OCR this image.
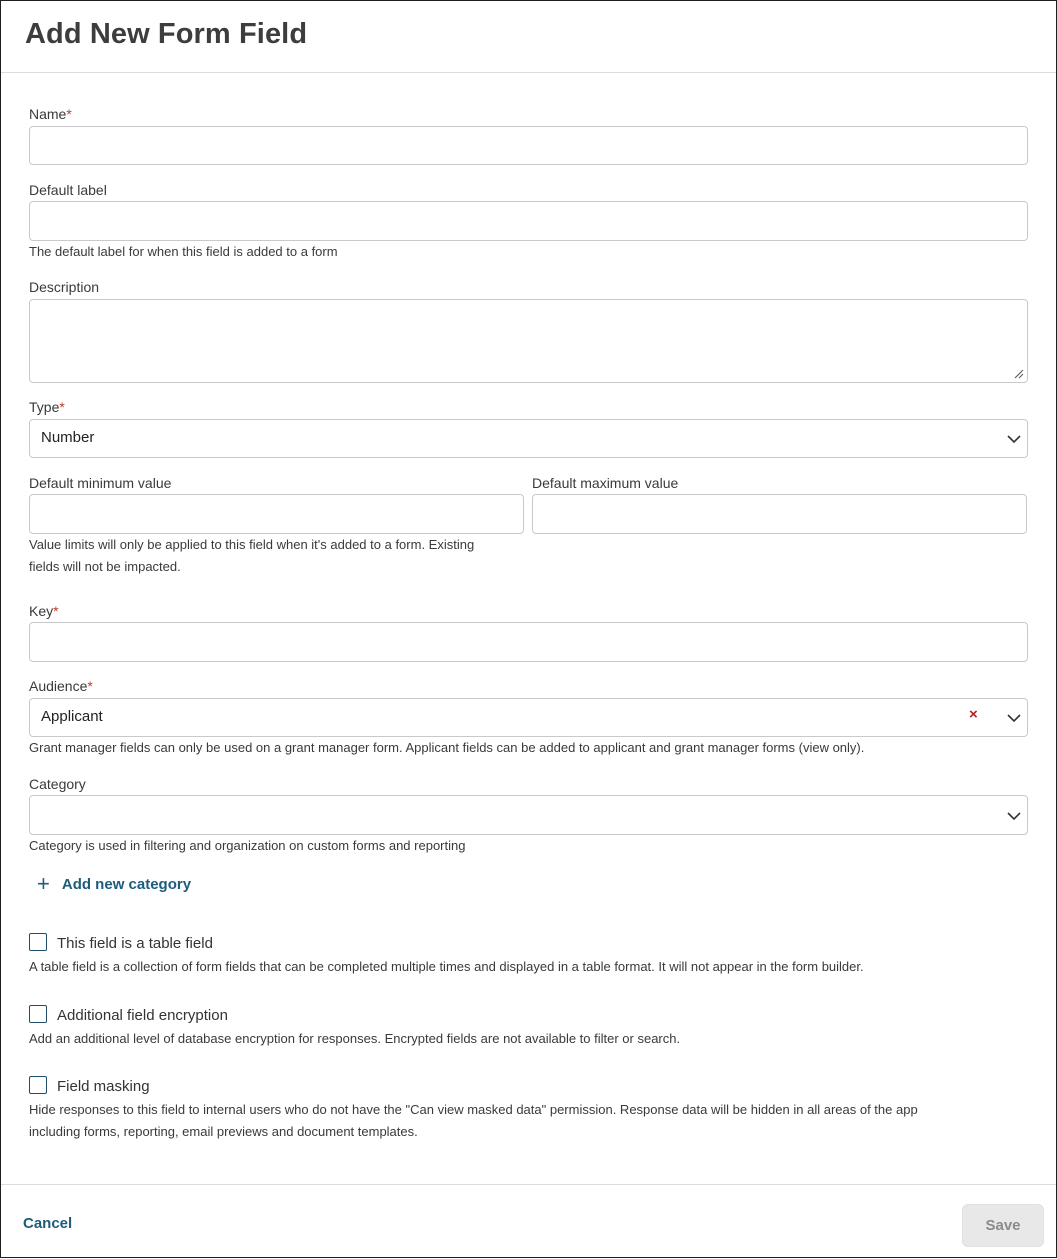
Add New Form Field
Name*
Default label
The default label for when this field is added to a form
Description
Type*
Number
Default minimum value	Default maximum value
Value limits will only be applied to this field when it's added to a form. Existing
fields will not be impacted.
Key*
Audience*
Applicant	×
Grant manager fields can only be used on a grant manager form. Applicant fields can be added to applicant and grant manager forms (view only).
Category
Category is used in filtering and organization on custom forms and reporting
+ Add new category
This field is a table field
A table field is a collection of form fields that can be completed multiple times and displayed in a table format. It will not appear in the form builder.
Additional field encryption
Add an additional level of database encryption for responses. Encrypted fields are not available to filter or search.
Field masking
Hide responses to this field to internal users who do not have the "Can view masked data" permission. Response data will be hidden in all areas of the app
including forms, reporting, email previews and document templates.
Cancel	Save
